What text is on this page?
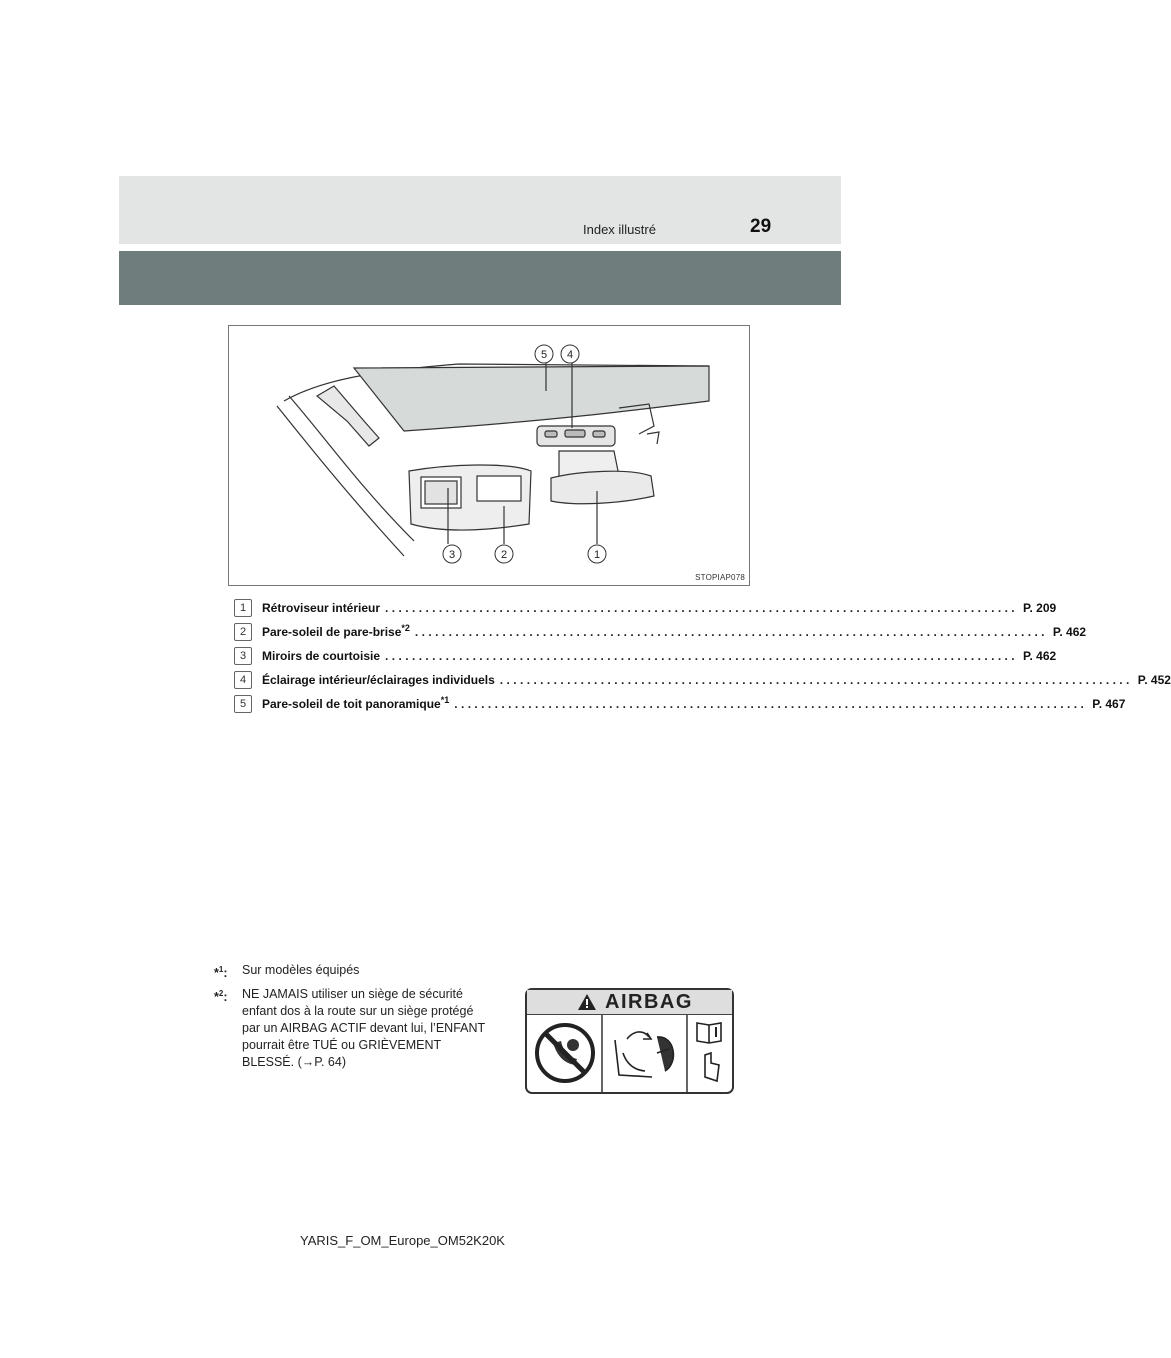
Index illustré	29
5 4
3	2	1
STOPIAP078
1	Rétroviseur intérieur .............................................................................................. P. 209
2	Pare-soleil de pare-brise$^{*2}$ .............................................................................................. P. 462
3	Miroirs de courtoisie .............................................................................................. P. 462
4	Éclairage intérieur/éclairages individuels .............................................................................................. P. 452
5	Pare-soleil de toit panoramique$^{*1}$ .............................................................................................. P. 467
*$^1$: Sur modèles équipés
*$^2$: NE JAMAIS utiliser un siège de sécurité enfant dos à la route sur un siège protégé par un AIRBAG ACTIF devant lui, l’ENFANT pourrait être TUÉ ou GRIÈVEMENT BLESSÉ. (→P. 64)
AIRBAG
YARIS_F_OM_Europe_OM52K20K
